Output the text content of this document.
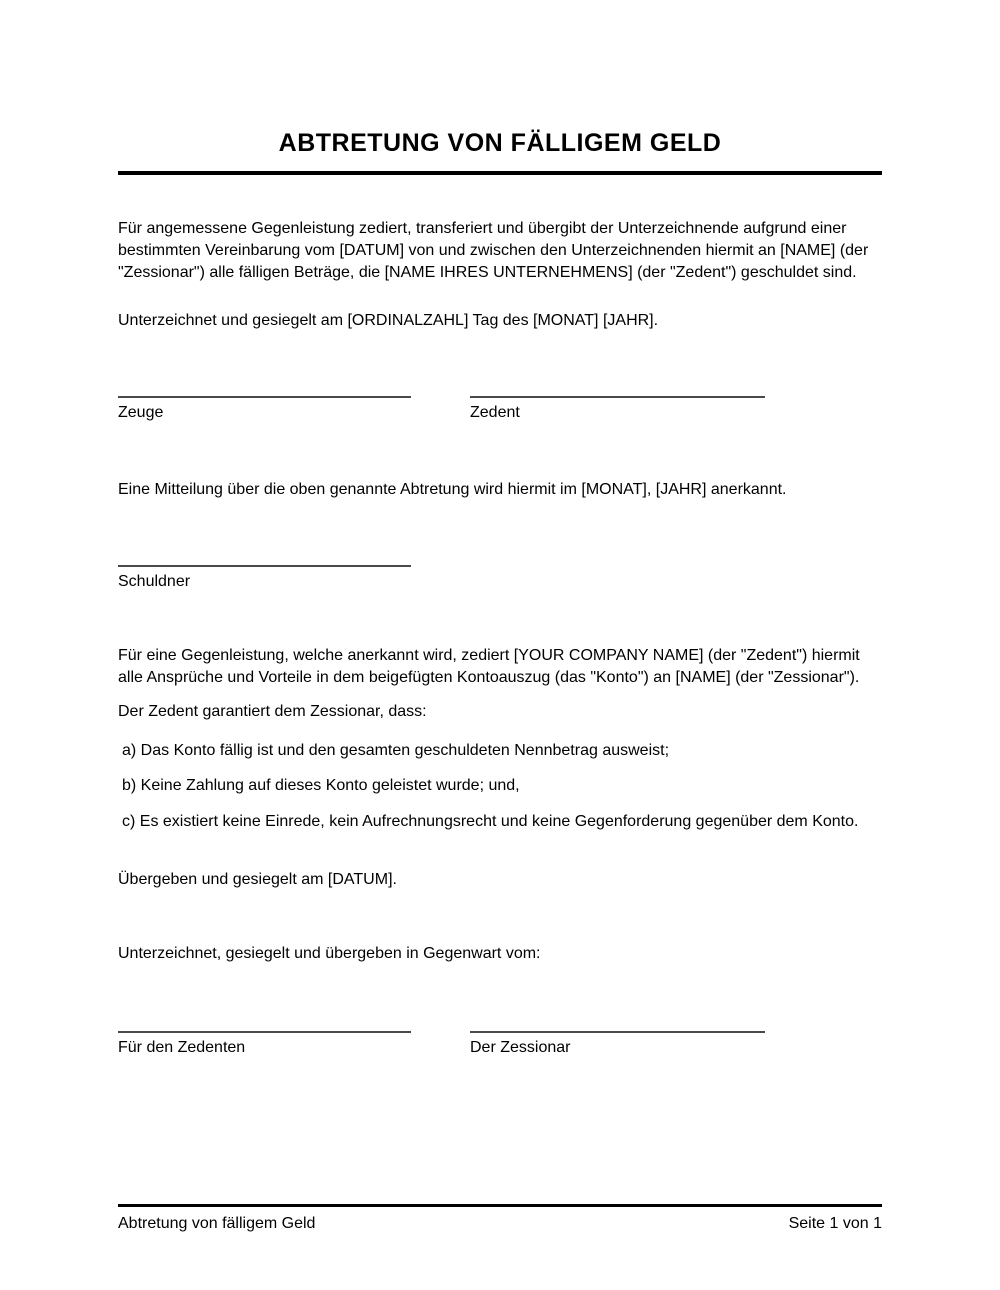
ABTRETUNG VON FÄLLIGEM GELD

Für angemessene Gegenleistung zediert, transferiert und übergibt der Unterzeichnende aufgrund einer bestimmten Vereinbarung vom [DATUM] von und zwischen den Unterzeichnenden hiermit an [NAME] (der "Zessionar") alle fälligen Beträge, die [NAME IHRES UNTERNEHMENS] (der "Zedent") geschuldet sind.

Unterzeichnet und gesiegelt am [ORDINALZAHL] Tag des [MONAT] [JAHR].

Zeuge	Zedent

Eine Mitteilung über die oben genannte Abtretung wird hiermit im [MONAT], [JAHR] anerkannt.

Schuldner

Für eine Gegenleistung, welche anerkannt wird, zediert [YOUR COMPANY NAME] (der "Zedent") hiermit alle Ansprüche und Vorteile in dem beigefügten Kontoauszug (das "Konto") an [NAME] (der "Zessionar").

Der Zedent garantiert dem Zessionar, dass:

a) Das Konto fällig ist und den gesamten geschuldeten Nennbetrag ausweist;
b) Keine Zahlung auf dieses Konto geleistet wurde; und,
c) Es existiert keine Einrede, kein Aufrechnungsrecht und keine Gegenforderung gegenüber dem Konto.

Übergeben und gesiegelt am [DATUM].

Unterzeichnet, gesiegelt und übergeben in Gegenwart vom:

Für den Zedenten	Der Zessionar
Abtretung von fälligem Geld	Seite 1 von 1
